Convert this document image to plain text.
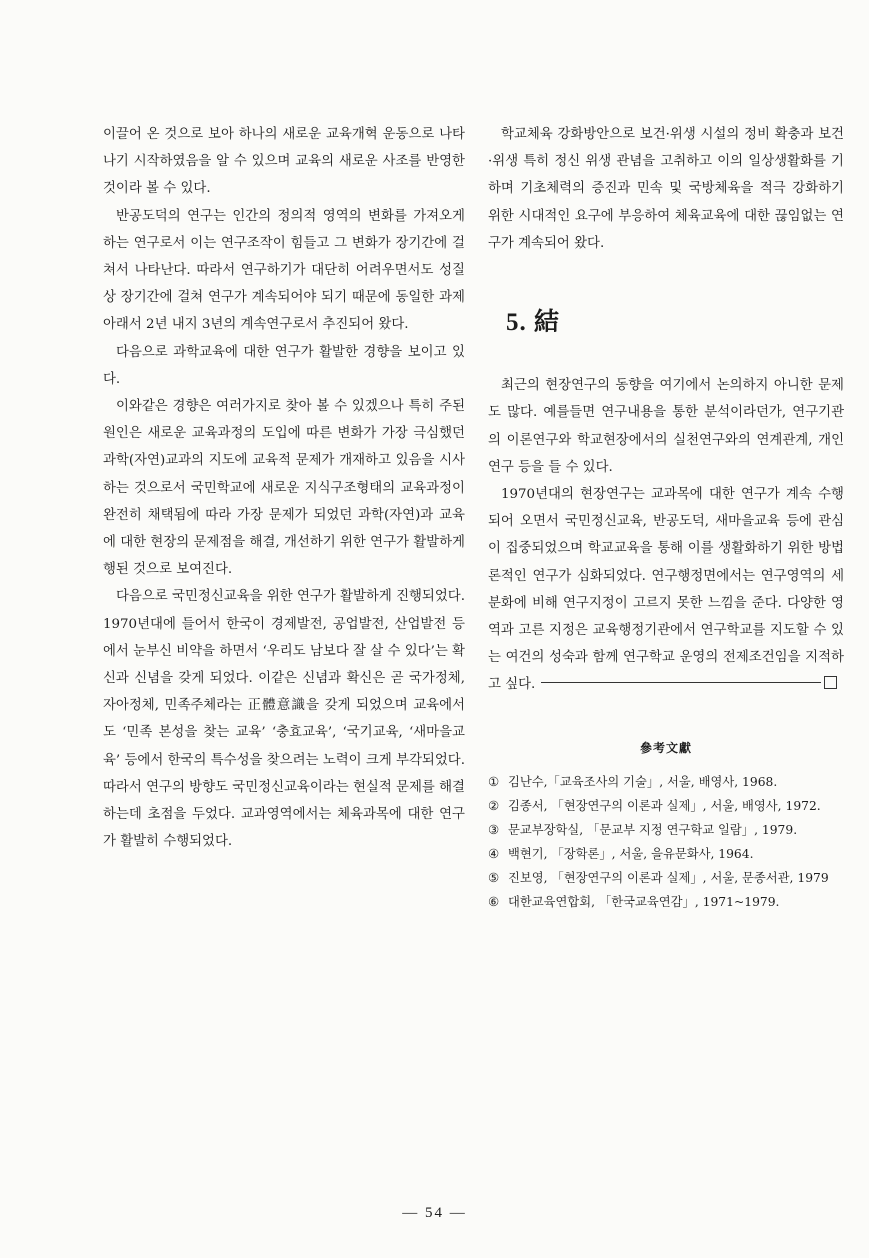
이끌어 온 것으로 보아 하나의 새로운 교육개혁 운동으로 나타나기 시작하였음을 알 수 있으며 교육의 새로운 사조를 반영한 것이라 볼 수 있다.

반공도덕의 연구는 인간의 정의적 영역의 변화를 가져오게 하는 연구로서 이는 연구조작이 힘들고 그 변화가 장기간에 걸쳐서 나타난다. 따라서 연구하기가 대단히 어려우면서도 성질상 장기간에 걸쳐 연구가 계속되어야 되기 때문에 동일한 과제아래서 2년 내지 3년의 계속연구로서 추진되어 왔다.

다음으로 과학교육에 대한 연구가 활발한 경향을 보이고 있다.

이와같은 경향은 여러가지로 찾아 볼 수 있겠으나 특히 주된 원인은 새로운 교육과정의 도입에 따른 변화가 가장 극심했던 과학(자연)교과의 지도에 교육적 문제가 개재하고 있음을 시사하는 것으로서 국민학교에 새로운 지식구조형태의 교육과정이 완전히 채택됨에 따라 가장 문제가 되었던 과학(자연)과 교육에 대한 현장의 문제점을 해결, 개선하기 위한 연구가 활발하게 행된 것으로 보여진다.

다음으로 국민정신교육을 위한 연구가 활발하게 진행되었다. 1970년대에 들어서 한국이 경제발전, 공업발전, 산업발전 등에서 눈부신 비약을 하면서 ‘우리도 남보다 잘 살 수 있다’는 확신과 신념을 갖게 되었다. 이같은 신념과 확신은 곧 국가정체, 자아정체, 민족주체라는 正體意識을 갖게 되었으며 교육에서도 ‘민족 본성을 찾는 교육’ ‘충효교육’, ‘국기교육, ‘새마을교육’ 등에서 한국의 특수성을 찾으려는 노력이 크게 부각되었다. 따라서 연구의 방향도 국민정신교육이라는 현실적 문제를 해결하는데 초점을 두었다. 교과영역에서는 체육과목에 대한 연구가 활발히 수행되었다.

학교체육 강화방안으로 보건·위생 시설의 정비 확충과 보건·위생 특히 정신 위생 관념을 고취하고 이의 일상생활화를 기하며 기초체력의 증진과 민속 및 국방체육을 적극 강화하기 위한 시대적인 요구에 부응하여 체육교육에 대한 끊임없는 연구가 계속되어 왔다.

5. 結

최근의 현장연구의 동향을 여기에서 논의하지 아니한 문제도 많다. 예를들면 연구내용을 통한 분석이라던가, 연구기관의 이론연구와 학교현장에서의 실천연구와의 연계관계, 개인연구 등을 들 수 있다.

1970년대의 현장연구는 교과목에 대한 연구가 계속 수행되어 오면서 국민정신교육, 반공도덕, 새마을교육 등에 관심이 집중되었으며 학교교육을 통해 이를 생활화하기 위한 방법론적인 연구가 심화되었다. 연구행정면에서는 연구영역의 세분화에 비해 연구지정이 고르지 못한 느낌을 준다. 다양한 영역과 고른 지정은 교육행정기관에서 연구학교를 지도할 수 있는 여건의 성숙과 함께 연구학교 운영의 전제조건임을 지적하고 싶다.

參考文獻
① 김난수,「교육조사의 기술」, 서울, 배영사, 1968.
② 김종서, 「현장연구의 이론과 실제」, 서울, 배영사, 1972.
③ 문교부장학실, 「문교부 지정 연구학교 일람」, 1979.
④ 백현기, 「장학론」, 서울, 을유문화사, 1964.
⑤ 진보영, 「현장연구의 이론과 실제」, 서울, 문종서관, 1979
⑥ 대한교육연합회, 「한국교육연감」, 1971~1979.
— 54 —
